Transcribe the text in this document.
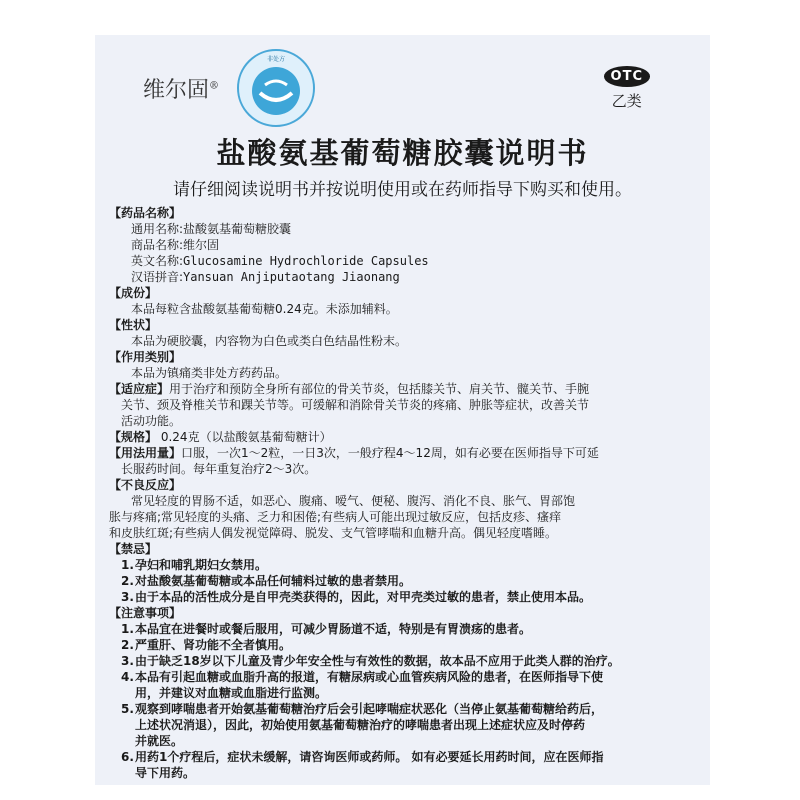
维尔固®
非处方
OTC
乙类
盐酸氨基葡萄糖胶囊说明书
请仔细阅读说明书并按说明使用或在药师指导下购买和使用。
【药品名称】
通用名称: 盐酸氨基葡萄糖胶囊
商品名称: 维尔固
英文名称: Glucosamine Hydrochloride Capsules
汉语拼音: Yansuan Anjiputaotang Jiaonang
【成份】
本品每粒含盐酸氨基葡萄糖0.24克。未添加辅料。
【性状】
本品为硬胶囊，内容物为白色或类白色结晶性粉末。
【作用类别】
本品为镇痛类非处方药药品。
【适应症】用于治疗和预防全身所有部位的骨关节炎，包括膝关节、肩关节、髋关节、手腕
关节、颈及脊椎关节和踝关节等。可缓解和消除骨关节炎的疼痛、肿胀等症状，改善关节
活动功能。
【规格】 0.24克（以盐酸氨基葡萄糖计）
【用法用量】口服，一次1～2粒，一日3次，一般疗程4～12周，如有必要在医师指导下可延
长服药时间。每年重复治疗2～3次。
【不良反应】
常见轻度的胃肠不适，如恶心、腹痛、嗳气、便秘、腹泻、消化不良、胀气、胃部饱
胀与疼痛;常见轻度的头痛、乏力和困倦;有些病人可能出现过敏反应，包括皮疹、瘙痒
和皮肤红斑;有些病人偶发视觉障碍、脱发、支气管哮喘和血糖升高。偶见轻度嗜睡。
【禁忌】
1.孕妇和哺乳期妇女禁用。
2.对盐酸氨基葡萄糖或本品任何辅料过敏的患者禁用。
3.由于本品的活性成分是自甲壳类获得的，因此，对甲壳类过敏的患者，禁止使用本品。
【注意事项】
1.本品宜在进餐时或餐后服用，可减少胃肠道不适，特别是有胃溃疡的患者。
2.严重肝、肾功能不全者慎用。
3.由于缺乏18岁以下儿童及青少年安全性与有效性的数据，故本品不应用于此类人群的治疗。
4.本品有引起血糖或血脂升高的报道，有糖尿病或心血管疾病风险的患者，在医师指导下使
用，并建议对血糖或血脂进行监测。
5.观察到哮喘患者开始氨基葡萄糖治疗后会引起哮喘症状恶化（当停止氨基葡萄糖给药后，
上述状况消退），因此，初始使用氨基葡萄糖治疗的哮喘患者出现上述症状应及时停药
并就医。
6.用药1个疗程后，症状未缓解，请咨询医师或药师。 如有必要延长用药时间，应在医师指
导下用药。
